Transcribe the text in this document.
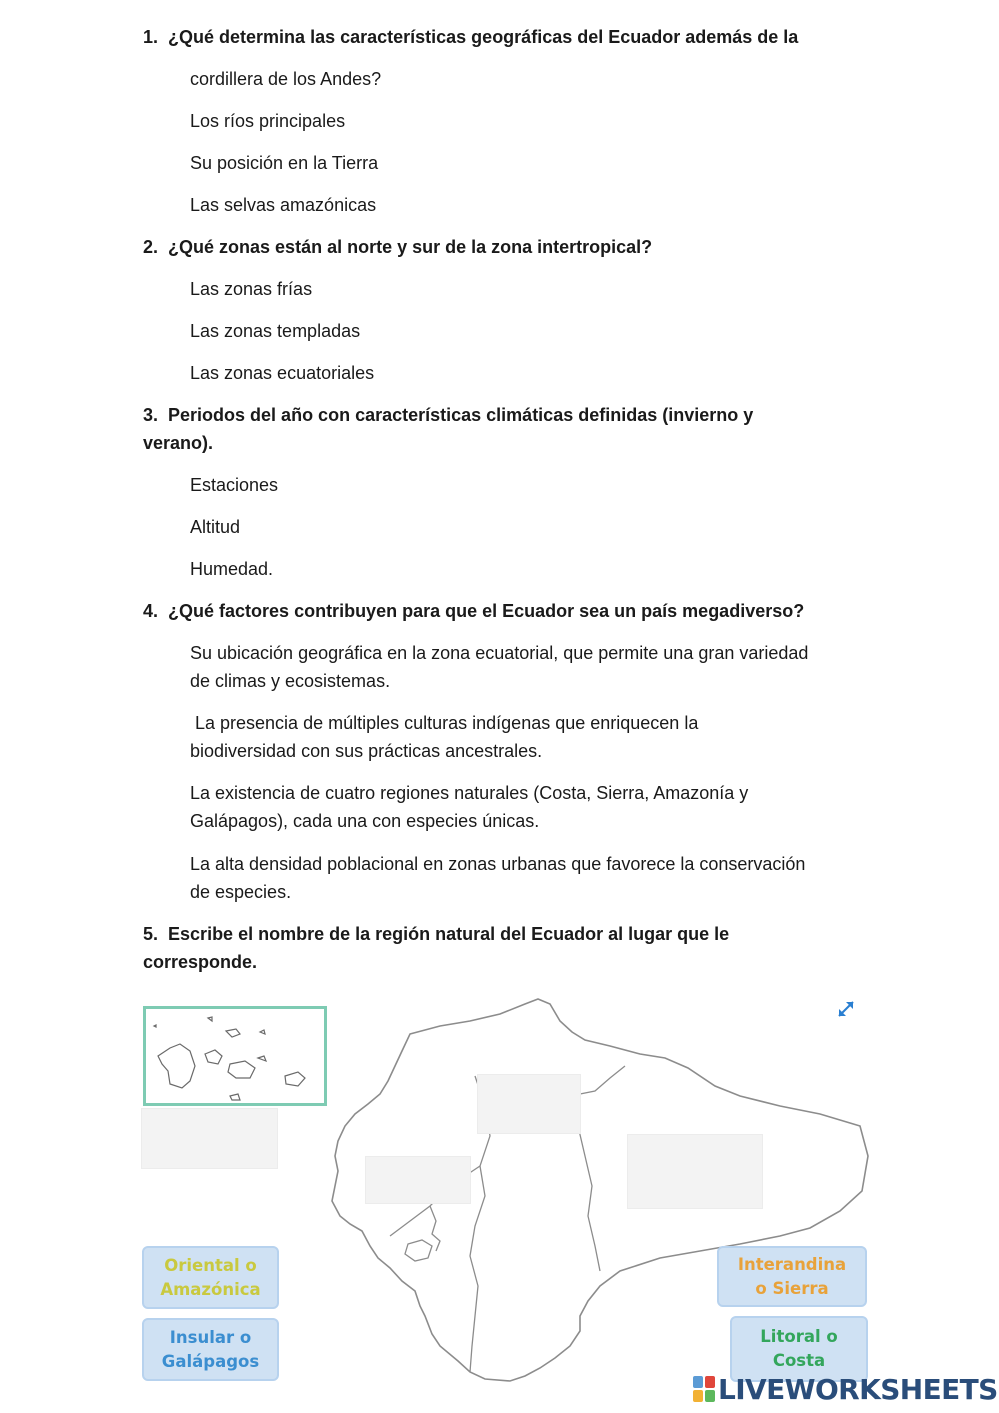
1. ¿Qué determina las características geográficas del Ecuador además de la
cordillera de los Andes?
Los ríos principales
Su posición en la Tierra
Las selvas amazónicas
2. ¿Qué zonas están al norte y sur de la zona intertropical?
Las zonas frías
Las zonas templadas
Las zonas ecuatoriales
3. Periodos del año con características climáticas definidas (invierno y
verano).
Estaciones
Altitud
Humedad.
4. ¿Qué factores contribuyen para que el Ecuador sea un país megadiverso?
Su ubicación geográfica en la zona ecuatorial, que permite una gran variedad
de climas y ecosistemas.
La presencia de múltiples culturas indígenas que enriquecen la
biodiversidad con sus prácticas ancestrales.
La existencia de cuatro regiones naturales (Costa, Sierra, Amazonía y
Galápagos), cada una con especies únicas.
La alta densidad poblacional en zonas urbanas que favorece la conservación
de especies.
5. Escribe el nombre de la región natural del Ecuador al lugar que le
corresponde.
Oriental o
Amazónica
Insular o
Galápagos
Interandina
o Sierra
Litoral o
Costa
LIVEWORKSHEETS
